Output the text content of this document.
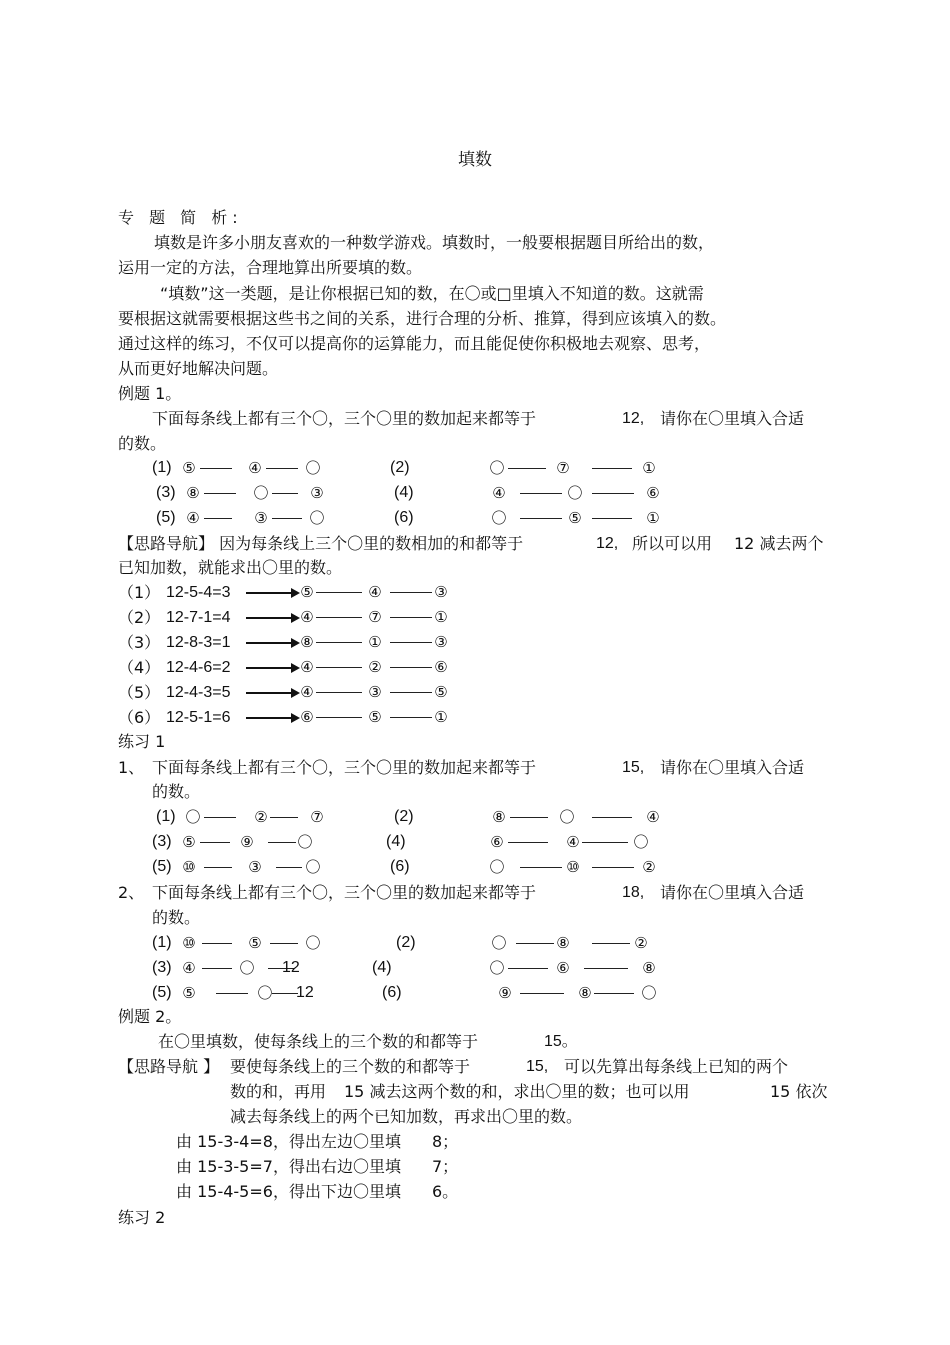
填数
专 题 简 析:
填数是许多小朋友喜欢的一种数学游戏。填数时，一般要根据题目所给出的数，
运用一定的方法，合理地算出所要填的数。
“填数”这一类题，是让你根据已知的数，在〇或□里填入不知道的数。这就需
要根据这就需要根据这些书之间的关系，进行合理的分析、推算，得到应该填入的数。
通过这样的练习，不仅可以提高你的运算能力，而且能促使你积极地去观察、思考，
从而更好地解决问题。
例题 1。
下面每条线上都有三个〇，三个〇里的数加起来都等于	12, 请你在〇里填入合适
的数。
(1) ⑤	④	〇	(2)	〇	⑦	①
(3) ⑧	〇	③	(4)	④	〇	⑥
(5) ④	③	〇	(6)	〇	⑤	①
【思路导航】 因为每条线上三个〇里的数相加的和都等于	12, 所以可以用 12 减去两个
已知加数，就能求出〇里的数。
（1） 12-5-4=3	⑤	④	③
（2） 12-7-1=4	④	⑦	①
（3） 12-8-3=1	⑧	①	③
（4） 12-4-6=2	④	②	⑥
（5） 12-4-3=5	④	③	⑤
（6） 12-5-1=6	⑥	⑤	①
练习 1
1、 下面每条线上都有三个〇，三个〇里的数加起来都等于	15, 请你在〇里填入合适
的数。
(1) 〇	②	⑦	(2)	⑧	〇	④
(3) ⑤	⑨	〇	(4)	⑥	④	〇
(5) ⑩	③	〇	(6)	〇	⑩	②
2、 下面每条线上都有三个〇，三个〇里的数加起来都等于	18, 请你在〇里填入合适
的数。
(1) ⑩	⑤	〇	(2)	〇	⑧	②
(3) ④	〇 12	(4)	〇	⑥	⑧
(5) ⑤	〇 12	(6)	⑨	⑧	〇
例题 2。
在〇里填数，使每条线上的三个数的和都等于	15。
【思路导航 】 要使每条线上的三个数的和都等于	15, 可以先算出每条线上已知的两个
数的和，再用 15 减去这两个数的和，求出〇里的数；也可以用	15 依次
减去每条线上的两个已知加数，再求出〇里的数。
由 15-3-4=8，得出左边〇里填 8；
由 15-3-5=7，得出右边〇里填 7；
由 15-4-5=6，得出下边〇里填 6。
练习 2
